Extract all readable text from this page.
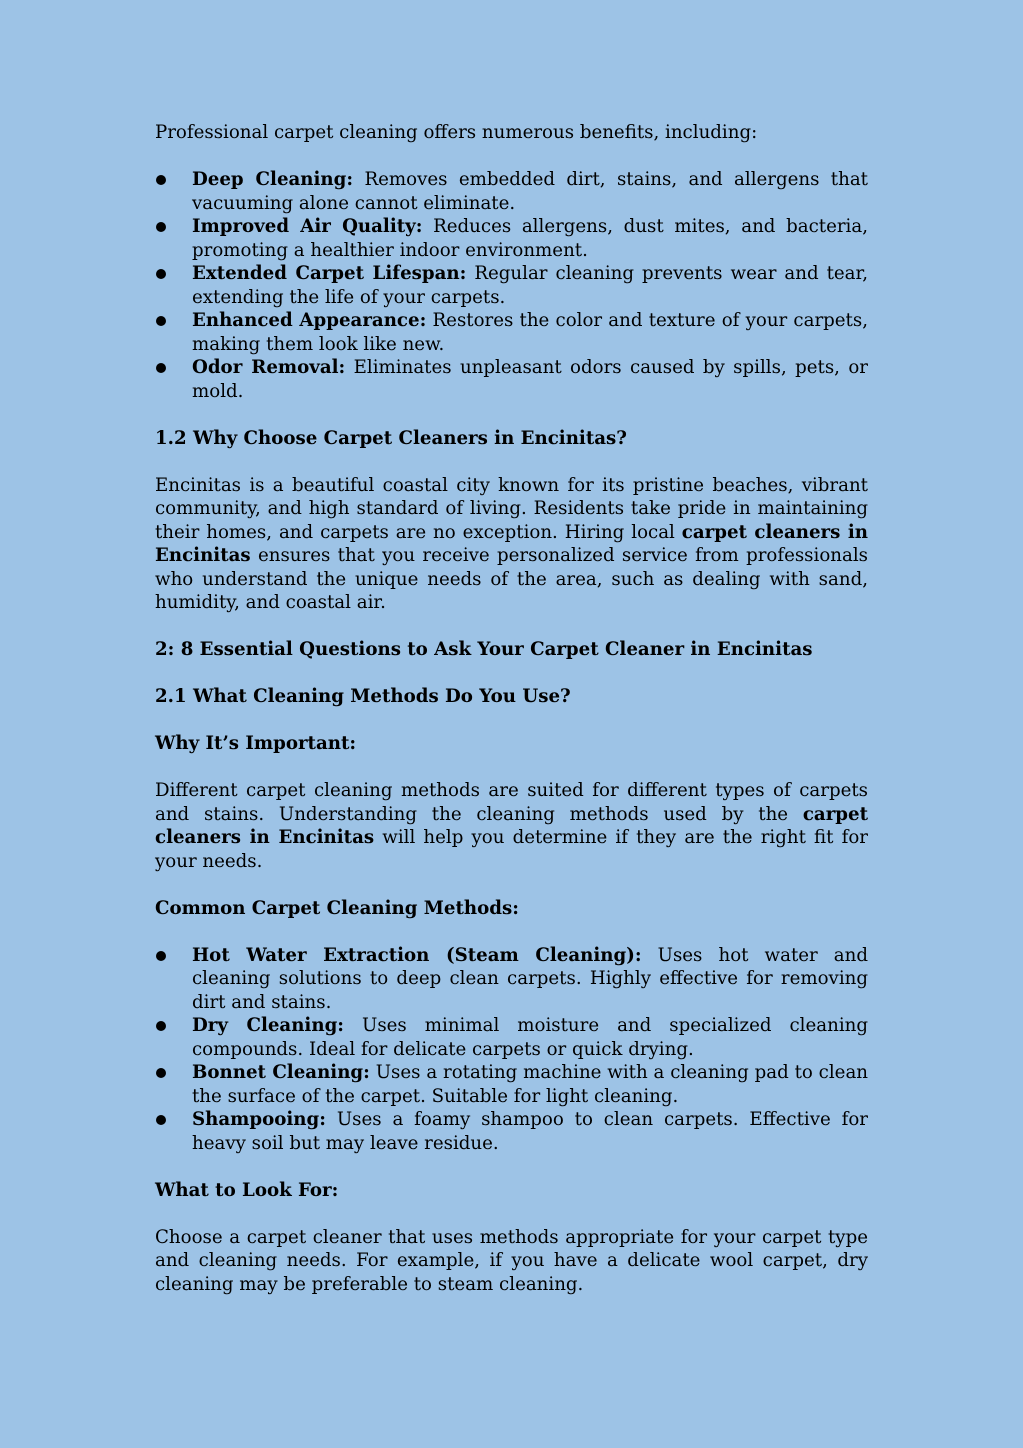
Professional carpet cleaning offers numerous benefits, including:

Deep Cleaning: Removes embedded dirt, stains, and allergens that vacuuming alone cannot eliminate.
Improved Air Quality: Reduces allergens, dust mites, and bacteria, promoting a healthier indoor environment.
Extended Carpet Lifespan: Regular cleaning prevents wear and tear, extending the life of your carpets.
Enhanced Appearance: Restores the color and texture of your carpets, making them look like new.
Odor Removal: Eliminates unpleasant odors caused by spills, pets, or mold.
1.2 Why Choose Carpet Cleaners in Encinitas?

Encinitas is a beautiful coastal city known for its pristine beaches, vibrant community, and high standard of living. Residents take pride in maintaining their homes, and carpets are no exception. Hiring local carpet cleaners in Encinitas ensures that you receive personalized service from professionals who understand the unique needs of the area, such as dealing with sand, humidity, and coastal air.

2: 8 Essential Questions to Ask Your Carpet Cleaner in Encinitas
2.1 What Cleaning Methods Do You Use?
Why It’s Important:

Different carpet cleaning methods are suited for different types of carpets and stains. Understanding the cleaning methods used by the carpet cleaners in Encinitas will help you determine if they are the right fit for your needs.

Common Carpet Cleaning Methods:
Hot Water Extraction (Steam Cleaning): Uses hot water and cleaning solutions to deep clean carpets. Highly effective for removing dirt and stains.
Dry Cleaning: Uses minimal moisture and specialized cleaning compounds. Ideal for delicate carpets or quick drying.
Bonnet Cleaning: Uses a rotating machine with a cleaning pad to clean the surface of the carpet. Suitable for light cleaning.
Shampooing: Uses a foamy shampoo to clean carpets. Effective for heavy soil but may leave residue.
What to Look For:

Choose a carpet cleaner that uses methods appropriate for your carpet type and cleaning needs. For example, if you have a delicate wool carpet, dry cleaning may be preferable to steam cleaning.
